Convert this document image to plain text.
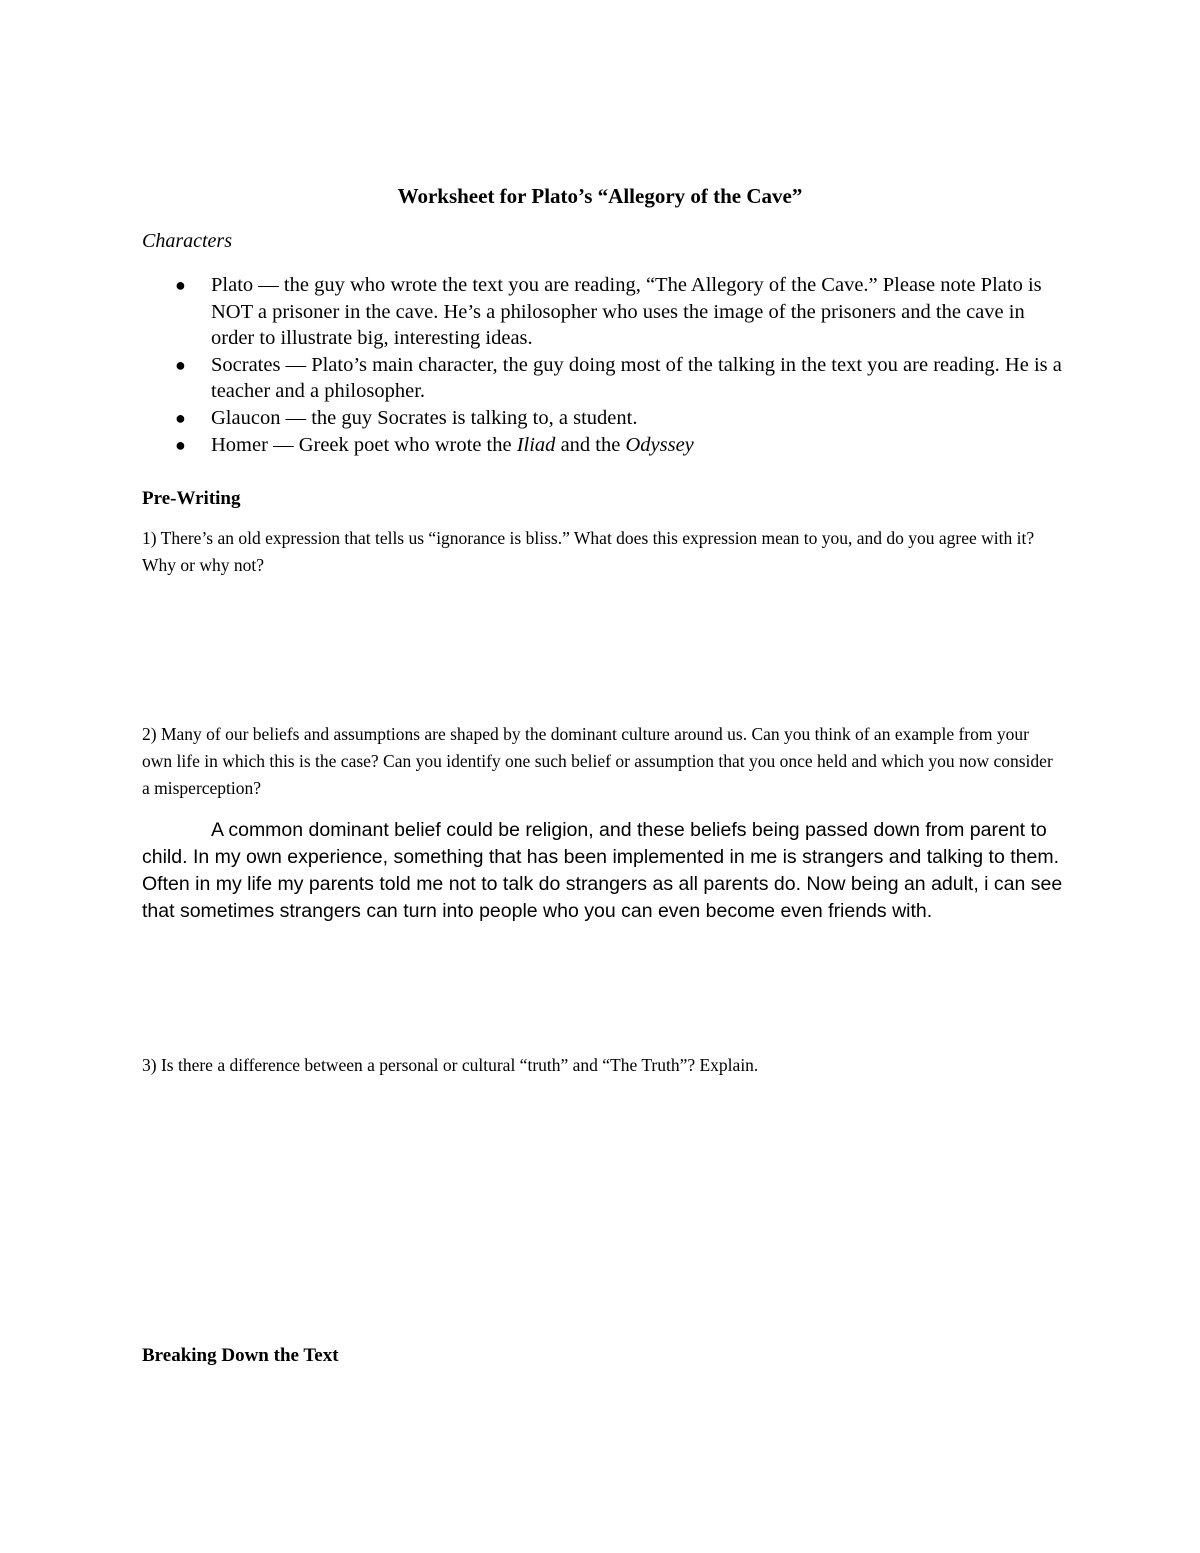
Worksheet for Plato’s “Allegory of the Cave”
Characters
● Plato — the guy who wrote the text you are reading, “The Allegory of the Cave.” Please note Plato is NOT a prisoner in the cave. He’s a philosopher who uses the image of the prisoners and the cave in order to illustrate big, interesting ideas.
● Socrates — Plato’s main character, the guy doing most of the talking in the text you are reading. He is a teacher and a philosopher.
● Glaucon — the guy Socrates is talking to, a student.
● Homer — Greek poet who wrote the Iliad and the Odyssey
Pre-Writing
1) There’s an old expression that tells us “ignorance is bliss.” What does this expression mean to you, and do you agree with it? Why or why not?
2) Many of our beliefs and assumptions are shaped by the dominant culture around us. Can you think of an example from your own life in which this is the case? Can you identify one such belief or assumption that you once held and which you now consider a misperception?
A common dominant belief could be religion, and these beliefs being passed down from parent to child. In my own experience, something that has been implemented in me is strangers and talking to them. Often in my life my parents told me not to talk do strangers as all parents do. Now being an adult, i can see that sometimes strangers can turn into people who you can even become even friends with.
3) Is there a difference between a personal or cultural “truth” and “The Truth”? Explain.
Breaking Down the Text
